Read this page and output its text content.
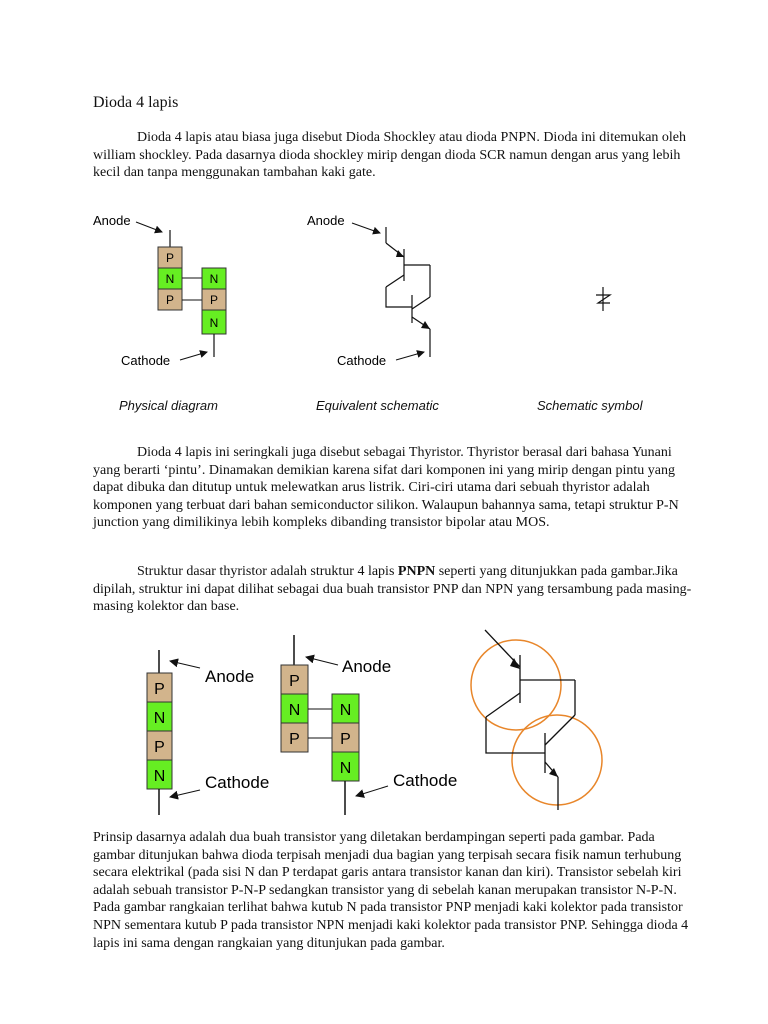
Dioda 4 lapis

Dioda 4 lapis atau biasa juga disebut Dioda Shockley atau dioda PNPN. Dioda ini ditemukan oleh william shockley. Pada dasarnya dioda shockley mirip dengan dioda SCR namun dengan arus yang lebih kecil dan tanpa menggunakan tambahan kaki gate.

Anode
P
N
P
N
P
N
Cathode
Anode
Cathode
Physical diagram	Equivalent schematic	Schematic symbol

Dioda 4 lapis ini seringkali juga disebut sebagai Thyristor. Thyristor berasal dari bahasa Yunani yang berarti ‘pintu’. Dinamakan demikian karena sifat dari komponen ini yang mirip dengan pintu yang dapat dibuka dan ditutup untuk melewatkan arus listrik. Ciri-ciri utama dari sebuah thyristor adalah komponen yang terbuat dari bahan semiconductor silikon. Walaupun bahannya sama, tetapi struktur P-N junction yang dimilikinya lebih kompleks dibanding transistor bipolar atau MOS.

Struktur dasar thyristor adalah struktur 4 lapis PNPN seperti yang ditunjukkan pada gambar.Jika dipilah, struktur ini dapat dilihat sebagai dua buah transistor PNP dan NPN yang tersambung pada masing-masing kolektor dan base.

P
N
P
N
Anode
Cathode
P
N
P
N
P
N
Anode
Cathode

Prinsip dasarnya adalah dua buah transistor yang diletakan berdampingan seperti pada gambar. Pada gambar ditunjukan bahwa dioda terpisah menjadi dua bagian yang terpisah secara fisik namun terhubung secara elektrikal (pada sisi N dan P terdapat garis antara transistor kanan dan kiri). Transistor sebelah kiri adalah sebuah transistor P-N-P sedangkan transistor yang di sebelah kanan merupakan transistor N-P-N. Pada gambar rangkaian terlihat bahwa kutub N pada transistor PNP menjadi kaki kolektor pada transistor NPN sementara kutub P pada transistor NPN menjadi kaki kolektor pada transistor PNP. Sehingga dioda 4 lapis ini sama dengan rangkaian yang ditunjukan pada gambar.
